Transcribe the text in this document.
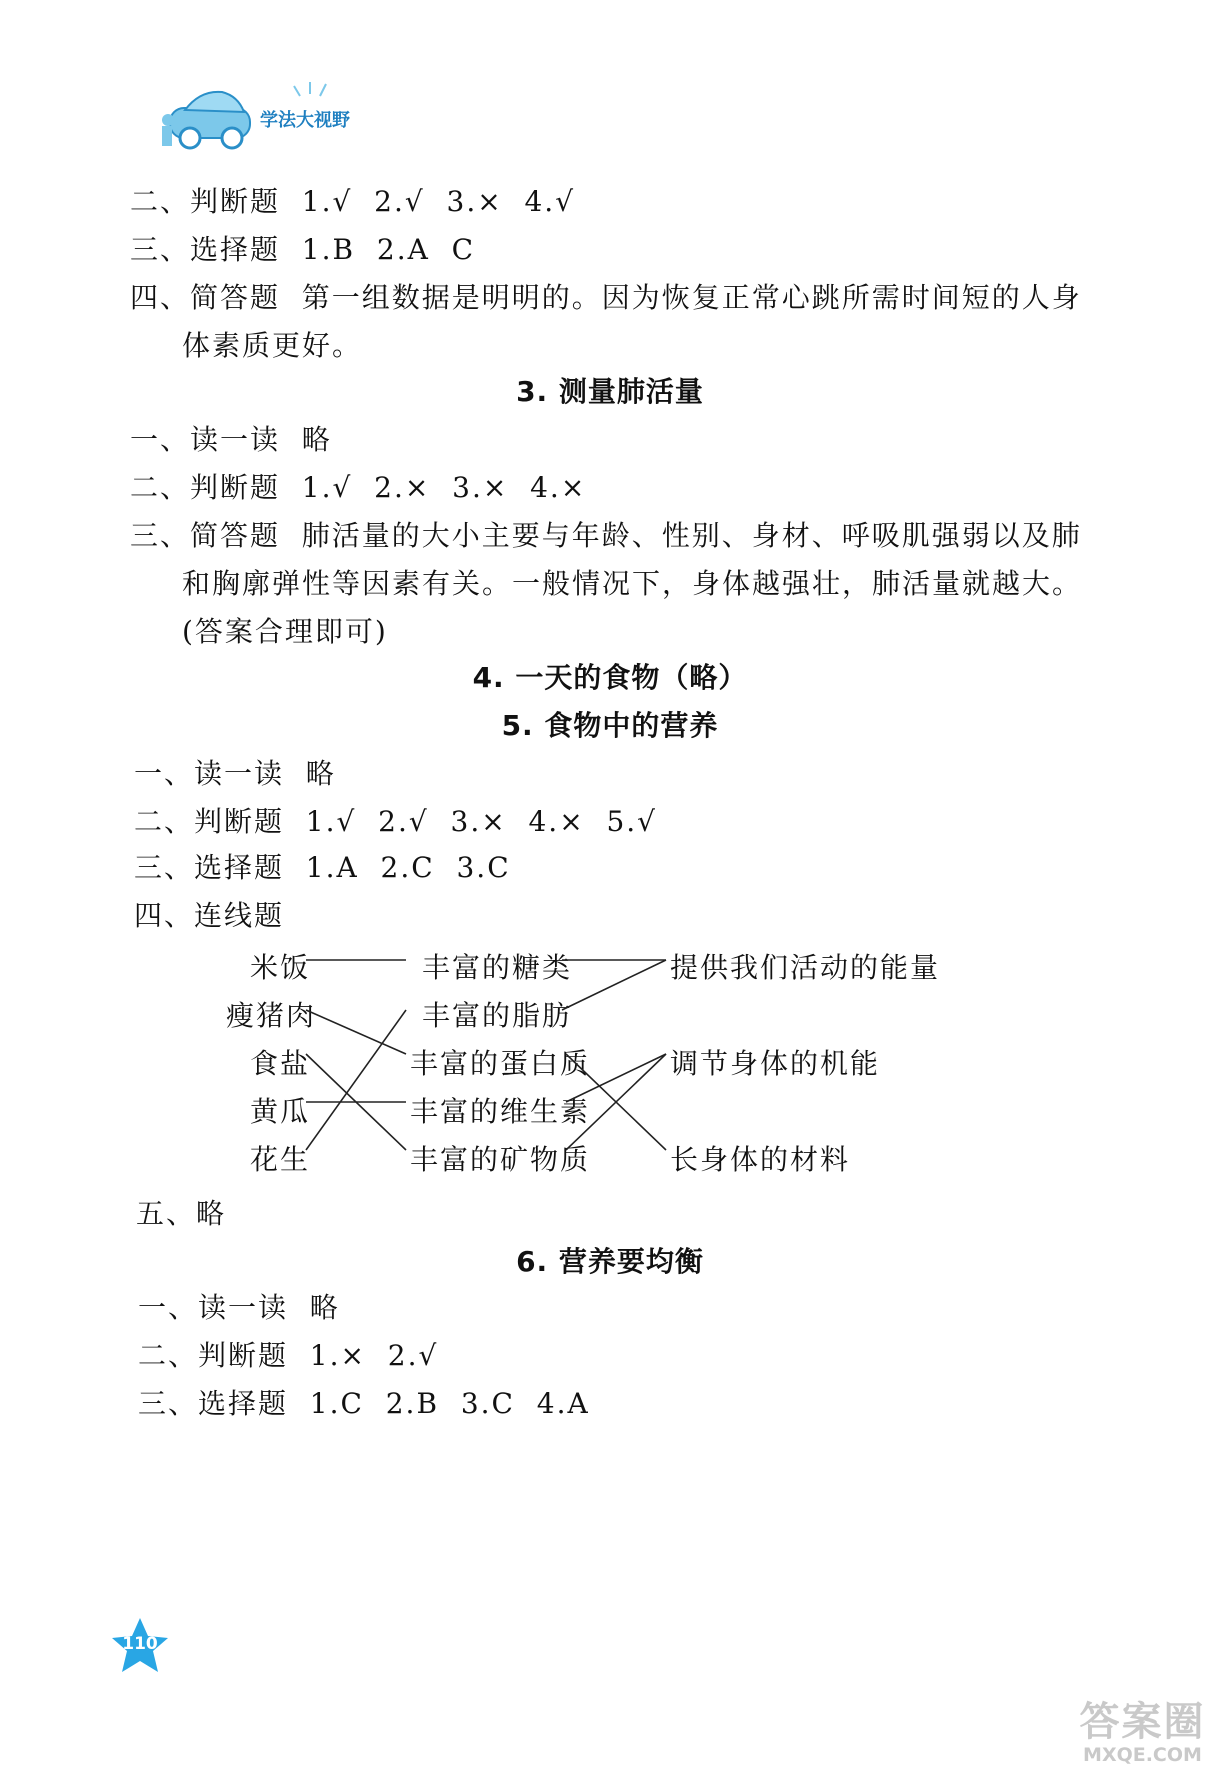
学法大视野
二、判断题  1.√  2.√  3.×  4.√
三、选择题  1.B  2.A  C
四、简答题  第一组数据是明明的。因为恢复正常心跳所需时间短的人身
体素质更好。
3. 测量肺活量
一、读一读  略
二、判断题  1.√  2.×  3.×  4.×
三、简答题  肺活量的大小主要与年龄、性别、身材、呼吸肌强弱以及肺
和胸廓弹性等因素有关。一般情况下，身体越强壮，肺活量就越大。
(答案合理即可)
4. 一天的食物（略）
5. 食物中的营养
一、读一读  略
二、判断题  1.√  2.√  3.×  4.×  5.√
三、选择题  1.A  2.C  3.C
四、连线题
米饭
瘦猪肉
食盐
黄瓜
花生
丰富的糖类
丰富的脂肪
丰富的蛋白质
丰富的维生素
丰富的矿物质
提供我们活动的能量
调节身体的机能
长身体的材料
五、略
6. 营养要均衡
一、读一读  略
二、判断题  1.×  2.√
三、选择题  1.C  2.B  3.C  4.A
110
答案圈
MXQE.COM
